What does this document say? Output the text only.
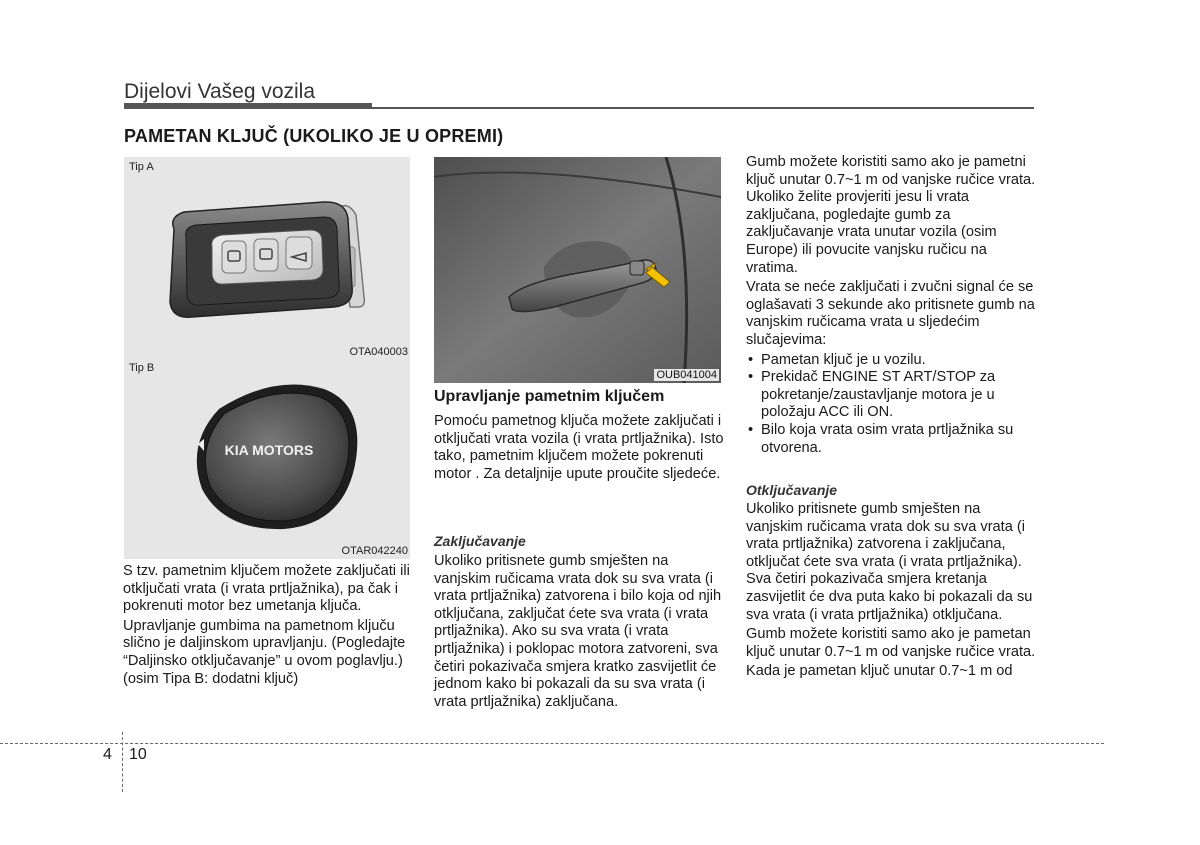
Dijelovi Vašeg vozila
PAMETAN KLJUČ (UKOLIKO JE U OPREMI)
Tip A
OTA040003
Tip B
KIA MOTORS
OTAR042240
OUB041004

S tzv. pametnim ključem možete zaključati ili otključati vrata (i vrata prtljažnika), pa čak i pokrenuti motor bez umetanja ključa.

Upravljanje gumbima na pametnom ključu slično je daljinskom upravljanju. (Pogledajte “Daljinsko otključavanje” u ovom poglavlju.) (osim Tipa B: dodatni ključ)

Upravljanje pametnim ključem
Pomoću pametnog ključa možete zaključati i otključati vrata vozila (i vrata prtljažnika). Isto tako, pametnim ključem možete pokrenuti motor . Za detaljnije upute proučite sljedeće.
Zaključavanje
Ukoliko pritisnete gumb smješten na vanjskim ručicama vrata dok su sva vrata (i vrata prtljažnika) zatvorena i bilo koja od njih otključana, zaključat ćete sva vrata (i vrata prtljažnika). Ako su sva vrata (i vrata prtljažnika) i poklopac motora zatvoreni, sva četiri pokazivača smjera kratko zasvijetlit će jednom kako bi pokazali da su sva vrata (i vrata prtljažnika) zaključana.

Gumb možete koristiti samo ako je pametni ključ unutar 0.7~1 m od vanjske ručice vrata. Ukoliko želite provjeriti jesu li vrata zaključana, pogledajte gumb za zaključavanje vrata unutar vozila (osim Europe) ili povucite vanjsku ručicu na vratima.

Vrata se neće zaključati i zvučni signal će se oglašavati 3 sekunde ako pritisnete gumb na vanjskim ručicama vrata u sljedećim slučajevima:

• Pametan ključ je u vozilu.
• Prekidač ENGINE ST ART/STOP za pokretanje/zaustavljanje motora je u položaju ACC ili ON.
• Bilo koja vrata osim vrata prtljažnika su otvorena.
Otključavanje

Ukoliko pritisnete gumb smješten na vanjskim ručicama vrata dok su sva vrata (i vrata prtljažnika) zatvorena i zaključana, otključat ćete sva vrata (i vrata prtljažnika). Sva četiri pokazivača smjera kretanja zasvijetlit će dva puta kako bi pokazali da su sva vrata (i vrata prtljažnika) otključana.

Gumb možete koristiti samo ako je pametan ključ unutar 0.7~1 m od vanjske ručice vrata.

Kada je pametan ključ unutar 0.7~1 m od

4 10
